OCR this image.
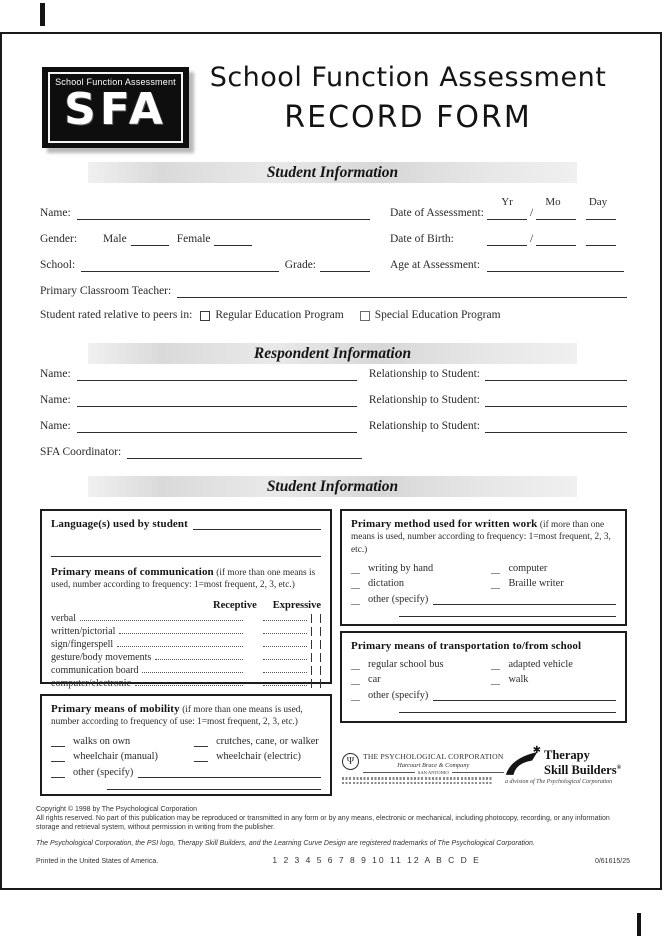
School Function Assessment
SFA
School Function Assessment
RECORD FORM
Student Information
Yr	Mo	Day
Name:	Date of Assessment:	/
Gender: Male	Female	Date of Birth:	/
School:	Grade:	Age at Assessment:
Primary Classroom Teacher:
Student rated relative to peers in: Regular Education Program	Special Education Program
Respondent Information
Name:	Relationship to Student:
Name:	Relationship to Student:
Name:	Relationship to Student:
SFA Coordinator:
Student Information
Language(s) used by student
Primary means of communication (if more than one means is used, number according to frequency: 1=most frequent, 2, 3, etc.)
Receptive Expressive
verbal
written/pictorial
sign/fingerspell
gesture/body movements
communication board
computer/electronic
Primary means of mobility (if more than one means is used, number according to frequency of use: 1=most frequent, 2, 3, etc.)
walks on own	crutches, cane, or walker
wheelchair (manual)	wheelchair (electric)
other (specify)
Primary method used for written work (if more than one means is used, number according to frequency: 1=most frequent, 2, 3, etc.)
writing by hand	computer
dictation	Braille writer
other (specify)
Primary means of transportation to/from school
regular school bus	adapted vehicle
car	walk
other (specify)
Ψ	THE PSYCHOLOGICAL CORPORATION
Harcourt Brace & Company
SAN ANTONIO
✱ Therapy
Skill Builders®
a division of The Psychological Corporation
Copyright © 1998 by The Psychological Corporation
All rights reserved. No part of this publication may be reproduced or transmitted in any form or by any means, electronic or mechanical, including photocopy, recording, or any information storage and retrieval system, without permission in writing from the publisher.
The Psychological Corporation, the PSI logo, Therapy Skill Builders, and the Learning Curve Design are registered trademarks of The Psychological Corporation.
Printed in the United States of America.	1 2 3 4 5 6 7 8 9 10 11 12 A B C D E	0/61615/25
